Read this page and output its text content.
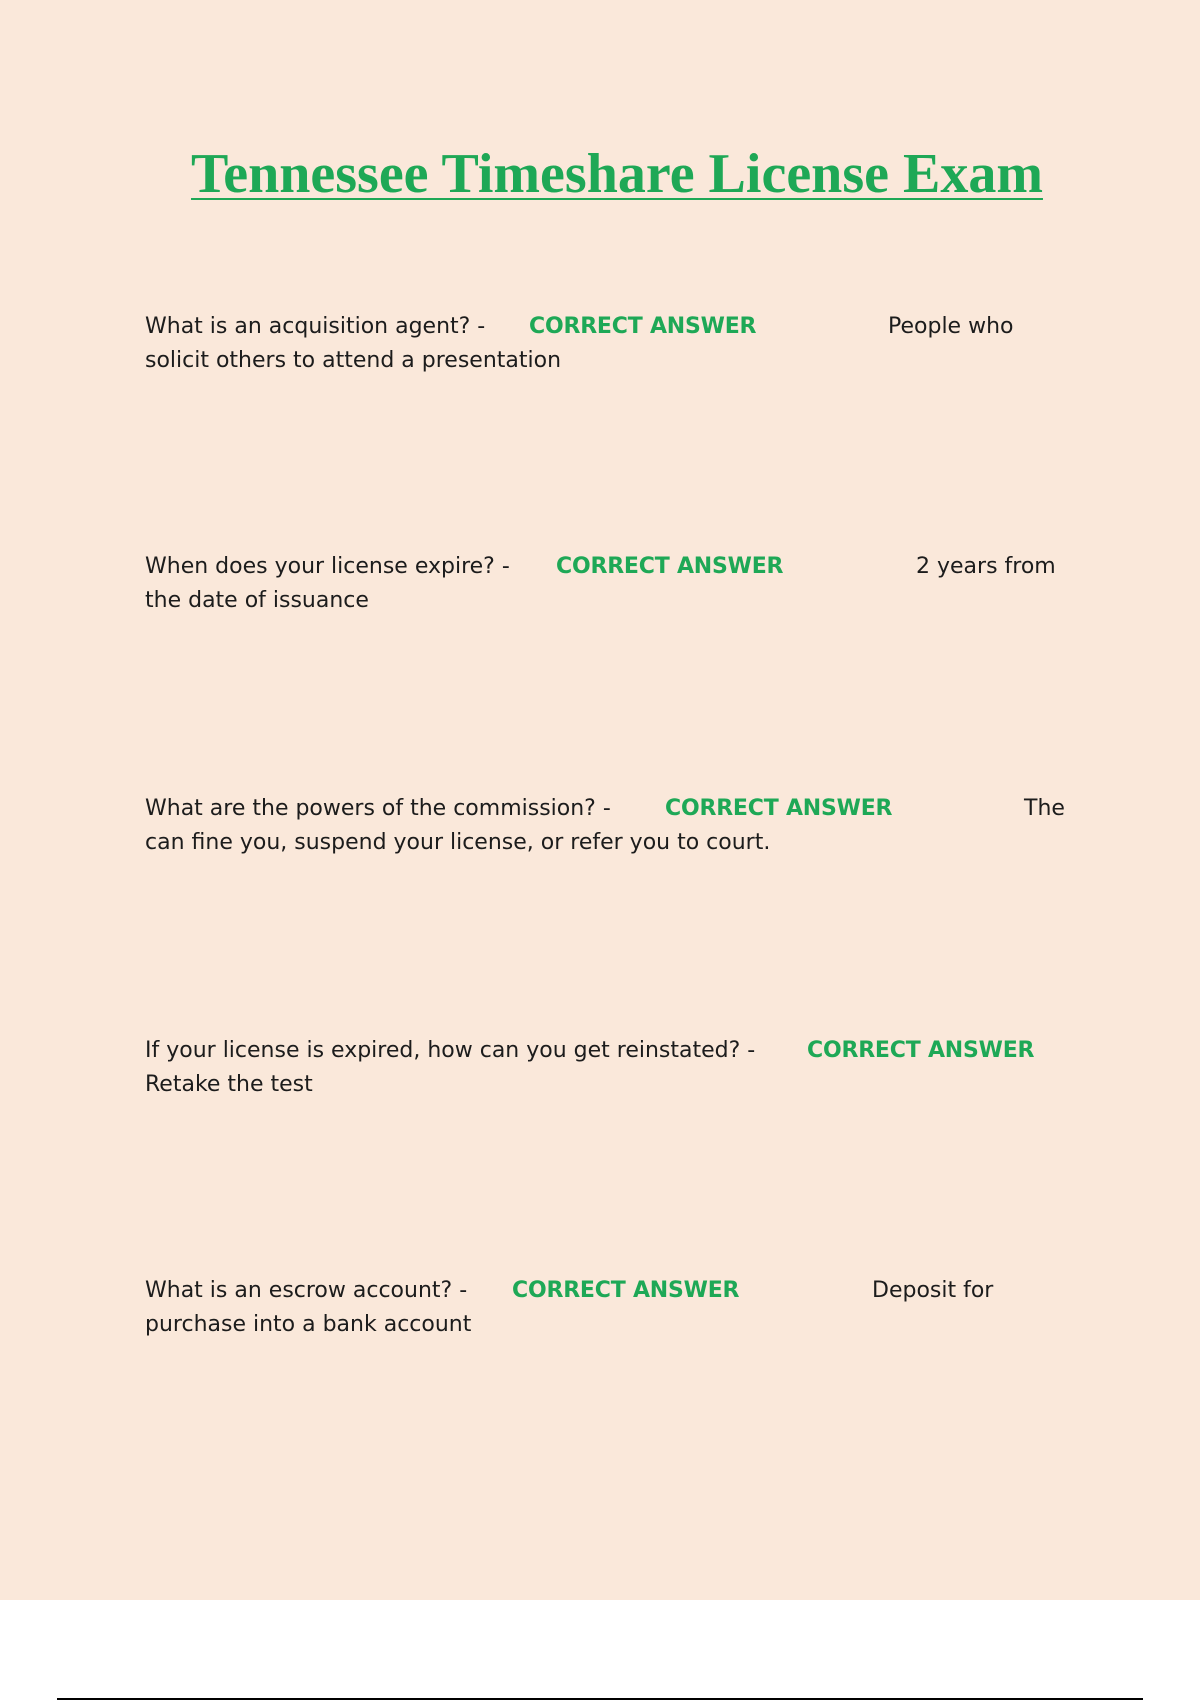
Tennessee Timeshare License Exam
What is an acquisition agent? - CORRECT ANSWER	People who
solicit others to attend a presentation
When does your license expire? - CORRECT ANSWER	2 years from
the date of issuance
What are the powers of the commission? - CORRECT ANSWER	The
can fine you, suspend your license, or refer you to court.
If your license is expired, how can you get reinstated? - CORRECT ANSWER
Retake the test
What is an escrow account? - CORRECT ANSWER	Deposit for
purchase into a bank account
